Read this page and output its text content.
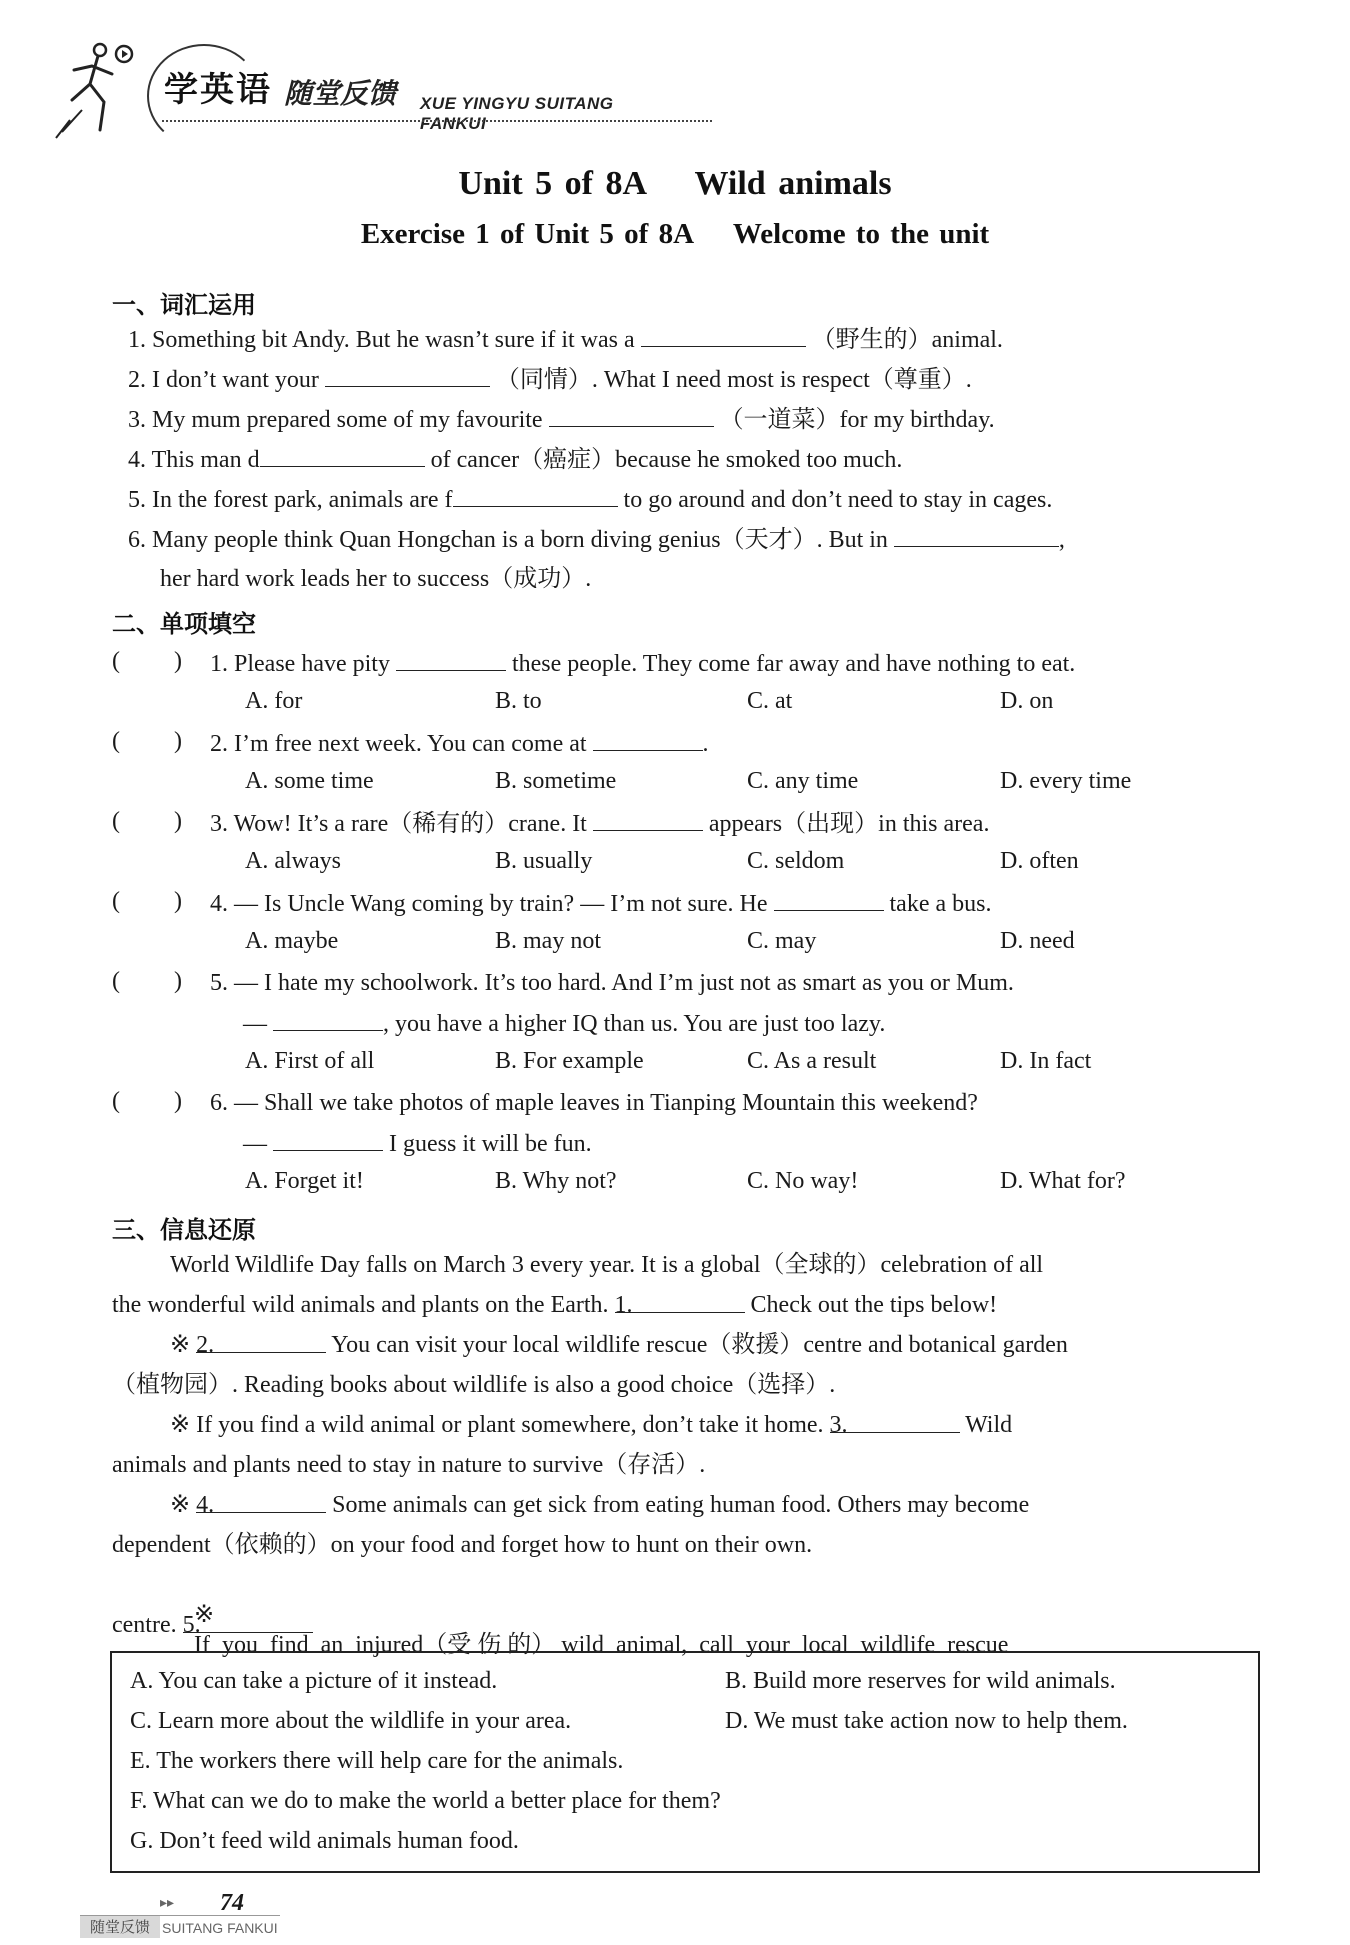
学英语 随堂反馈 XUE YINGYU SUITANG FANKUI
Unit 5 of 8A    Wild animals
Exercise 1 of Unit 5 of 8A    Welcome to the unit
一、词汇运用
1. Something bit Andy. But he wasn’t sure if it was a	（野生的）animal.
2. I don’t want your	（同情）. What I need most is respect（尊重）.
3. My mum prepared some of my favourite	（一道菜）for my birthday.
4. This man d	of cancer（癌症）because he smoked too much.
5. In the forest park, animals are f	to go around and don’t need to stay in cages.
6. Many people think Quan Hongchan is a born diving genius（天才）. But in	,
her hard work leads her to success（成功）.
二、单项填空
(         ) 1. Please have pity	these people. They come far away and have nothing to eat.
A. for	B. to	C. at	D. on
(         ) 2. I’m free next week. You can come at	.
A. some time	B. sometime	C. any time	D. every time
(         ) 3. Wow! It’s a rare（稀有的）crane. It	appears（出现）in this area.
A. always	B. usually	C. seldom	D. often
(         ) 4. — Is Uncle Wang coming by train? — I’m not sure. He	take a bus.
A. maybe	B. may not	C. may	D. need
(         ) 5. — I hate my schoolwork. It’s too hard. And I’m just not as smart as you or Mum.
—	, you have a higher IQ than us. You are just too lazy.
A. First of all	B. For example	C. As a result	D. In fact
(         ) 6. — Shall we take photos of maple leaves in Tianping Mountain this weekend?
—	I guess it will be fun.
A. Forget it!	B. Why not?	C. No way!	D. What for?
三、信息还原
World Wildlife Day falls on March 3 every year. It is a global（全球的）celebration of all
the wonderful wild animals and plants on the Earth. 1.	Check out the tips below!
※ 2.	You can visit your local wildlife rescue（救援）centre and botanical garden
（植物园）. Reading books about wildlife is also a good choice（选择）.
※ If you find a wild animal or plant somewhere, don’t take it home. 3.	Wild
animals and plants need to stay in nature to survive（存活）.
※ 4.	Some animals can get sick from eating human food. Others may become
dependent（依赖的）on your food and forget how to hunt on their own.

※
If  you  find  an  injured（受 伤 的） wild  animal,  call  your  local  wildlife  rescue

centre. 5.
A. You can take a picture of it instead.	B. Build more reserves for wild animals.
C. Learn more about the wildlife in your area.	D. We must take action now to help them.
E. The workers there will help care for the animals.
F. What can we do to make the world a better place for them?
G. Don’t feed wild animals human food.
▸▸ 74
随堂反馈 SUITANG FANKUI
